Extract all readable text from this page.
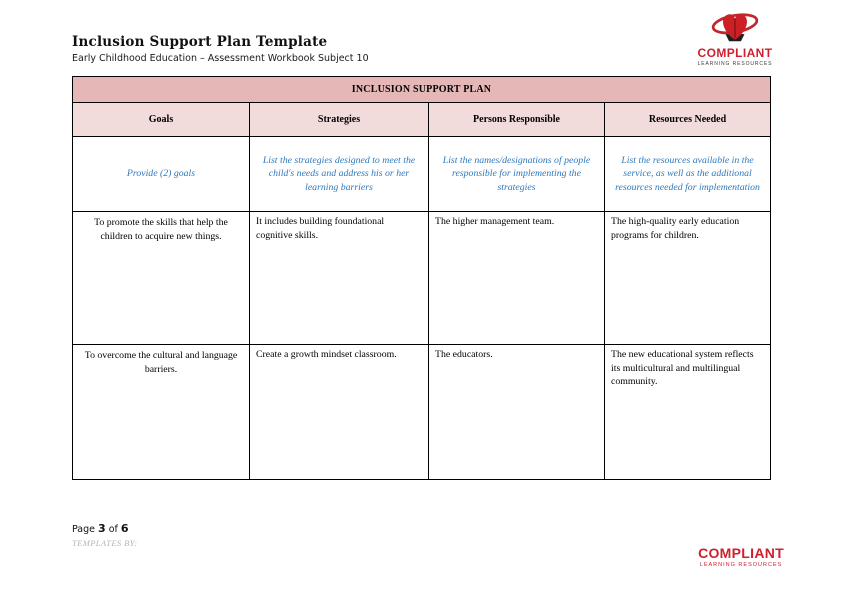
Inclusion Support Plan Template
Early Childhood Education – Assessment Workbook Subject 10	COMPLIANT
LEARNING RESOURCES
INCLUSION SUPPORT PLAN			
Goals	Strategies	Persons Responsible	Resources Needed
Provide (2) goals	List the strategies designed to meet the child's needs and address his or her learning barriers	List the names/designations of people responsible for implementing the strategies	List the resources available in the service, as well as the additional resources needed for implementation
To promote the skills that help the children to acquire new things.	It includes building foundational cognitive skills.	The higher management team.	The high-quality early education programs for children.
To overcome the cultural and language barriers.	Create a growth mindset classroom.	The educators.	The new educational system reflects its multicultural and multilingual community.
Page 3 of 6
TEMPLATES BY:
COMPLIANT
LEARNING RESOURCES
